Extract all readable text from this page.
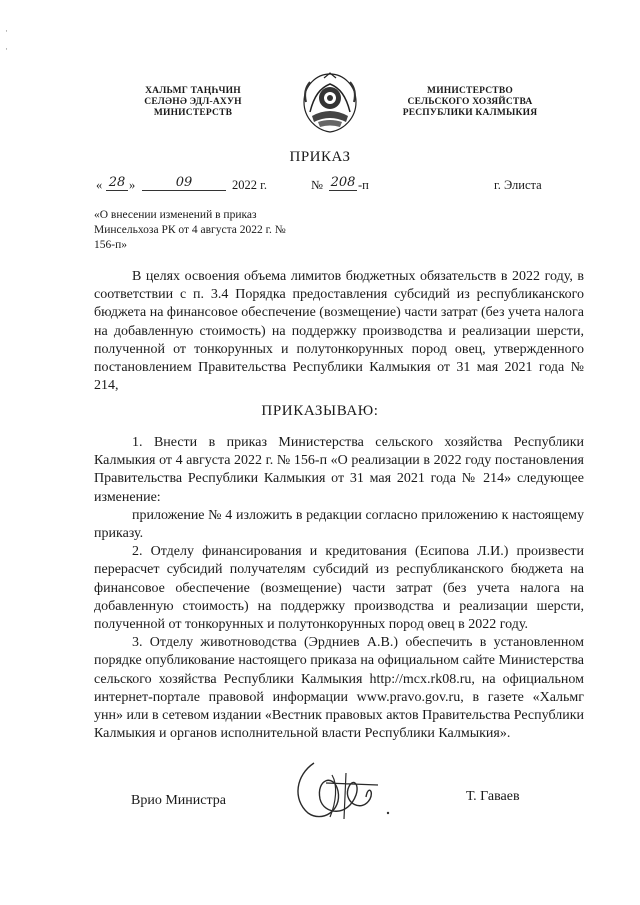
·
·
ХАЛЬМГ ТАҢҺЧИН
СЕЛӘНӘ ЭДЛ-АХУН
МИНИСТЕРСТВ
МИНИСТЕРСТВО
СЕЛЬСКОГО ХОЗЯЙСТВА
РЕСПУБЛИКИ КАЛМЫКИЯ
ПРИКАЗ
« 28 »	09	2022 г.	№ 208 -п	г. Элиста
«О внесении изменений в приказ Минсельхоза РК от 4 августа 2022 г. № 156-п»

В целях освоения объема лимитов бюджетных обязательств в 2022 году, в соответствии с п. 3.4 Порядка предоставления субсидий из республиканского бюджета на финансовое обеспечение (возмещение) части затрат (без учета налога на добавленную стоимость) на поддержку производства и реализации шерсти, полученной от тонкорунных и полутонкорунных пород овец, утвержденного постановлением Правительства Республики Калмыкия от 31 мая 2021 года № 214,

ПРИКАЗЫВАЮ:

1. Внести в приказ Министерства сельского хозяйства Республики Калмыкия от 4 августа 2022 г. № 156-п «О реализации в 2022 году постановления Правительства Республики Калмыкия от 31 мая 2021 года № 214» следующее изменение:

приложение № 4 изложить в редакции согласно приложению к настоящему приказу.

2. Отделу финансирования и кредитования (Есипова Л.И.) произвести перерасчет субсидий получателям субсидий из республиканского бюджета на финансовое обеспечение (возмещение) части затрат (без учета налога на добавленную стоимость) на поддержку производства и реализации шерсти, полученной от тонкорунных и полутонкорунных пород овец в 2022 году.

3. Отделу животноводства (Эрдниев А.В.) обеспечить в установленном порядке опубликование настоящего приказа на официальном сайте Министерства сельского хозяйства Республики Калмыкия http://mcx.rk08.ru, на официальном интернет-портале правовой информации www.pravo.gov.ru, в газете «Хальмг унн» или в сетевом издании «Вестник правовых актов Правительства Республики Калмыкия и органов исполнительной власти Республики Калмыкия».

Врио Министра	Т. Гаваев
